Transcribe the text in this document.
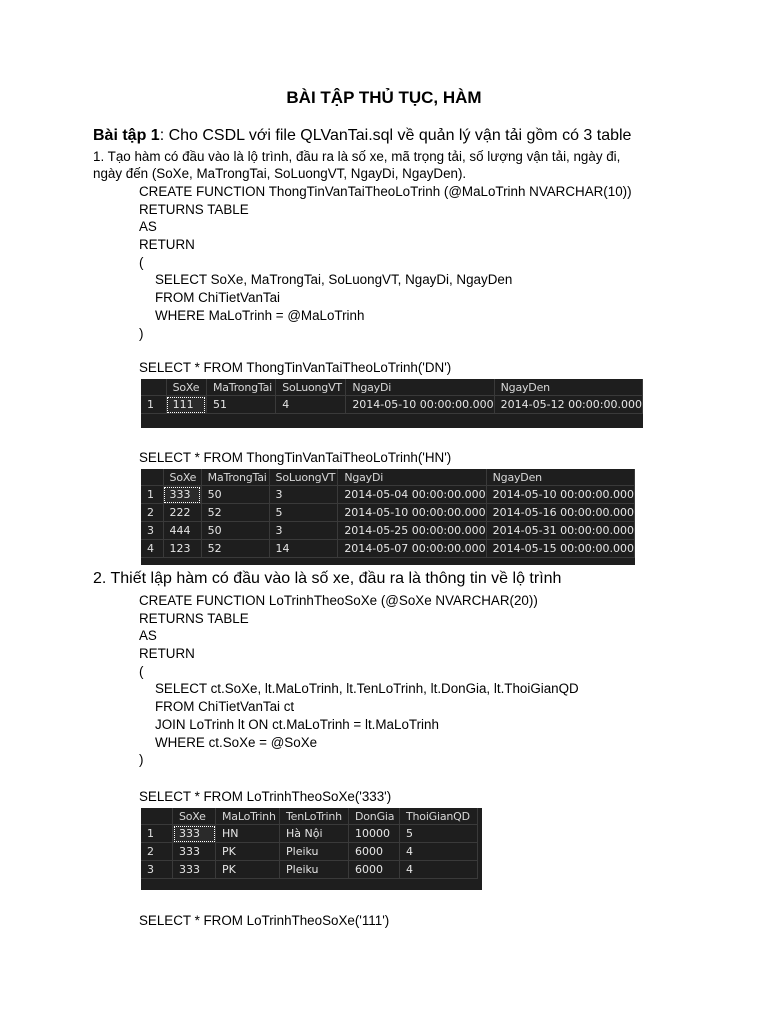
BÀI TẬP THỦ TỤC, HÀM
Bài tập 1: Cho CSDL với file QLVanTai.sql về quản lý vận tải gồm có 3 table
1. Tạo hàm có đầu vào là lộ trình, đầu ra là số xe, mã trọng tải, số lượng vận tải, ngày đi,
ngày đến (SoXe, MaTrongTai, SoLuongVT, NgayDi, NgayDen).
CREATE FUNCTION ThongTinVanTaiTheoLoTrinh (@MaLoTrinh NVARCHAR(10))
RETURNS TABLE
AS
RETURN
(
SELECT SoXe, MaTrongTai, SoLuongVT, NgayDi, NgayDen
FROM ChiTietVanTai
WHERE MaLoTrinh = @MaLoTrinh
)
SELECT * FROM ThongTinVanTaiTheoLoTrinh('DN')
	SoXe	MaTrongTai	SoLuongVT	NgayDi	NgayDen
1	111	51	4	2014-05-10 00:00:00.000	2014-05-12 00:00:00.000
SELECT * FROM ThongTinVanTaiTheoLoTrinh('HN')
	SoXe	MaTrongTai	SoLuongVT	NgayDi	NgayDen
1	333	50	3	2014-05-04 00:00:00.000	2014-05-10 00:00:00.000
2	222	52	5	2014-05-10 00:00:00.000	2014-05-16 00:00:00.000
3	444	50	3	2014-05-25 00:00:00.000	2014-05-31 00:00:00.000
4	123	52	14	2014-05-07 00:00:00.000	2014-05-15 00:00:00.000
2. Thiết lập hàm có đầu vào là số xe, đầu ra là thông tin về lộ trình
CREATE FUNCTION LoTrinhTheoSoXe (@SoXe NVARCHAR(20))
RETURNS TABLE
AS
RETURN
(
SELECT ct.SoXe, lt.MaLoTrinh, lt.TenLoTrinh, lt.DonGia, lt.ThoiGianQD
FROM ChiTietVanTai ct
JOIN LoTrinh lt ON ct.MaLoTrinh = lt.MaLoTrinh
WHERE ct.SoXe = @SoXe
)
SELECT * FROM LoTrinhTheoSoXe('333')
	SoXe	MaLoTrinh	TenLoTrinh	DonGia	ThoiGianQD
1	333	HN	Hà Nội	10000	5
2	333	PK	Pleiku	6000	4
3	333	PK	Pleiku	6000	4
SELECT * FROM LoTrinhTheoSoXe('111')
